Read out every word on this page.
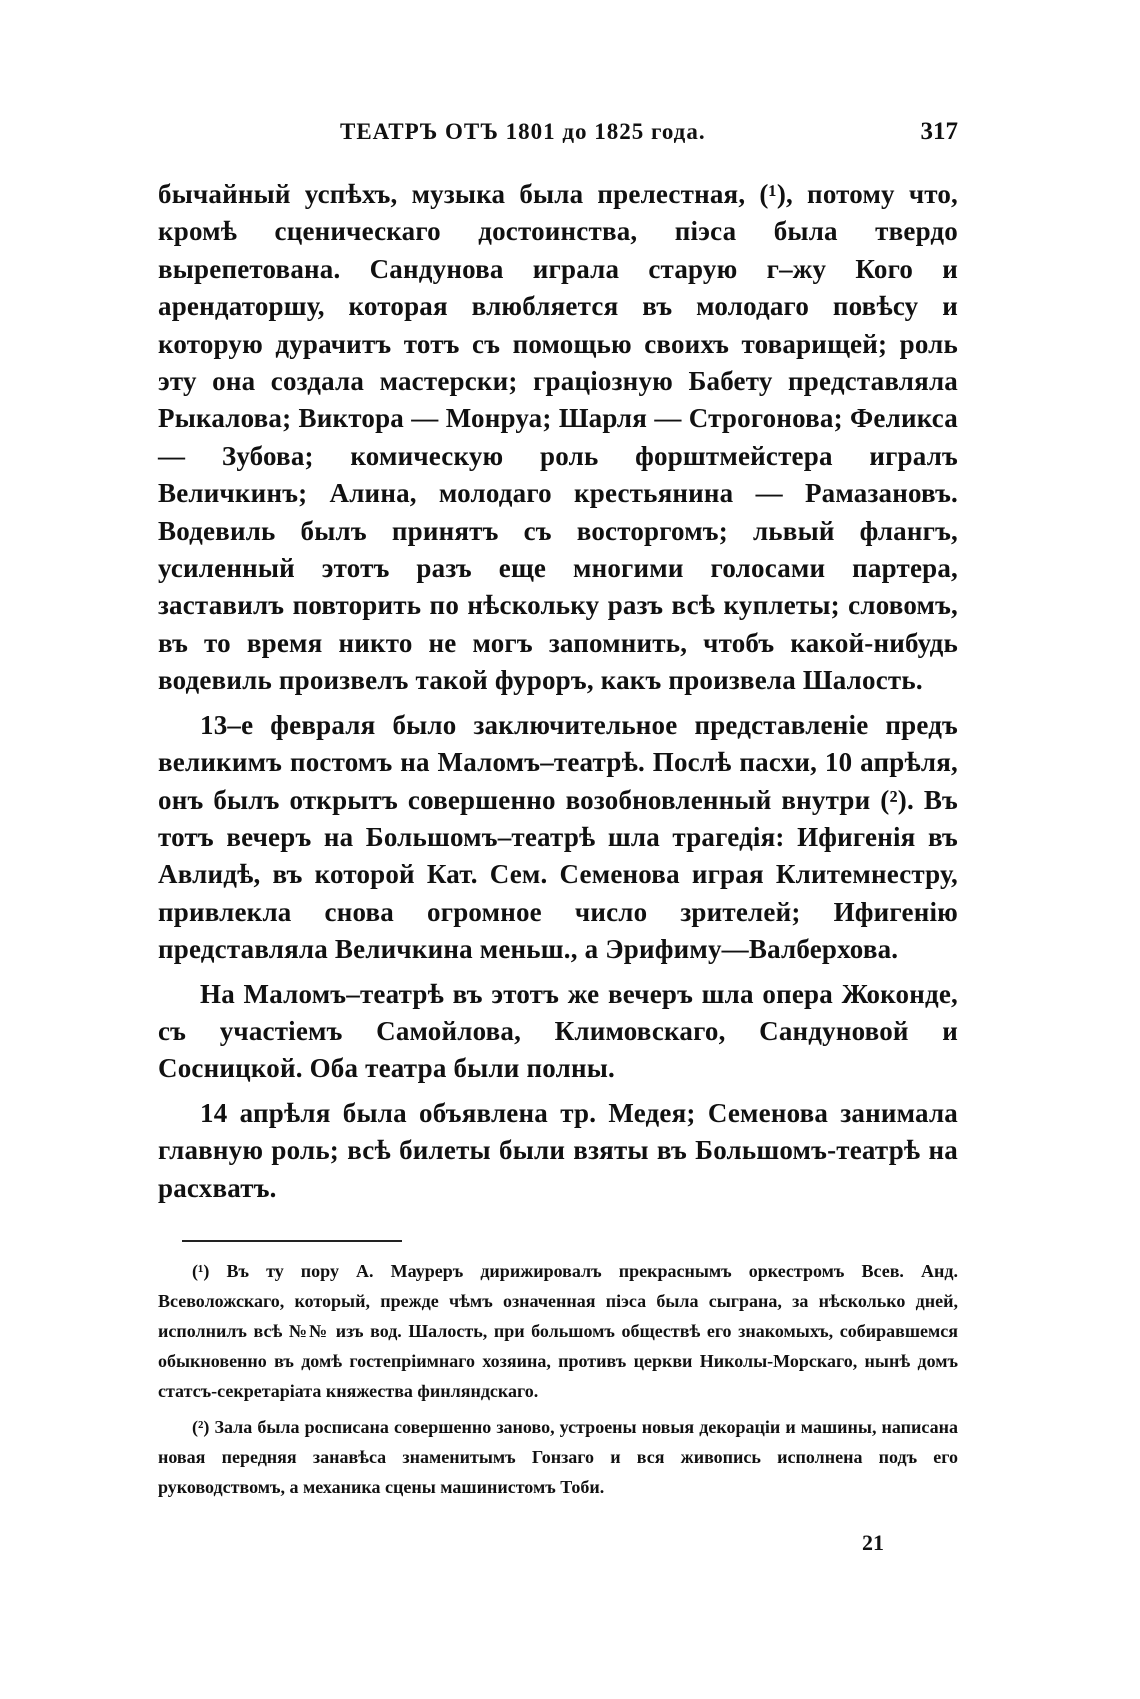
ТЕАТРЪ ОТЪ 1801 до 1825 года.	317

бычайный успѣхъ, музыка была прелестная, (¹), потому что, кромѣ сценическаго достоинства, піэса была твердо вырепетована. Сандунова играла старую г–жу Кого и арендаторшу, которая влюбляется въ молодаго повѣсу и которую дурачитъ тотъ съ помощью своихъ товарищей; роль эту она создала мастерски; граціозную Бабету представляла Рыкалова; Виктора — Монруа; Шарля — Строгонова; Феликса — Зубова; комическую роль форштмейстера игралъ Величкинъ; Алина, молодаго крестьянина — Рамазановъ. Водевиль былъ принятъ съ восторгомъ; львый флангъ, усиленный этотъ разъ еще многими голосами партера, заставилъ повторить по нѣскольку разъ всѣ куплеты; словомъ, въ то время никто не могъ запомнить, чтобъ какой-нибудь водевиль произвелъ такой фуроръ, какъ произвела Шалость.

13–е февраля было заключительное представленіе предъ великимъ постомъ на Маломъ–театрѣ. Послѣ пасхи, 10 апрѣля, онъ былъ открытъ совершенно возобновленный внутри (²). Въ тотъ вечеръ на Большомъ–театрѣ шла трагедія: Ифигенія въ Авлидѣ, въ которой Кат. Сем. Семенова играя Клитемнестру, привлекла снова огромное число зрителей; Ифигенію представляла Величкина меньш., а Эрифиму—Валберхова.

На Маломъ–театрѣ въ этотъ же вечеръ шла опера Жоконде, съ участіемъ Самойлова, Климовскаго, Сандуновой и Сосницкой. Оба театра были полны.

14 апрѣля была объявлена тр. Медея; Семенова занимала главную роль; всѣ билеты были взяты въ Большомъ-театрѣ на расхватъ.

(¹) Въ ту пору А. Мауреръ дирижировалъ прекраснымъ оркестромъ Всев. Анд. Всеволожскаго, который, прежде чѣмъ означенная піэса была сыграна, за нѣсколько дней, исполнилъ всѣ №№ изъ вод. Шалость, при большомъ обществѣ его знакомыхъ, собиравшемся обыкновенно въ домѣ гостепріимнаго хозяина, противъ церкви Николы-Морскаго, нынѣ домъ статсъ-секретаріата княжества финляндскаго.

(²) Зала была росписана совершенно заново, устроены новыя декораціи и машины, написана новая передняя занавѣса знаменитымъ Гонзаго и вся живопись исполнена подъ его руководствомъ, а механика сцены машинистомъ Тоби.

21
